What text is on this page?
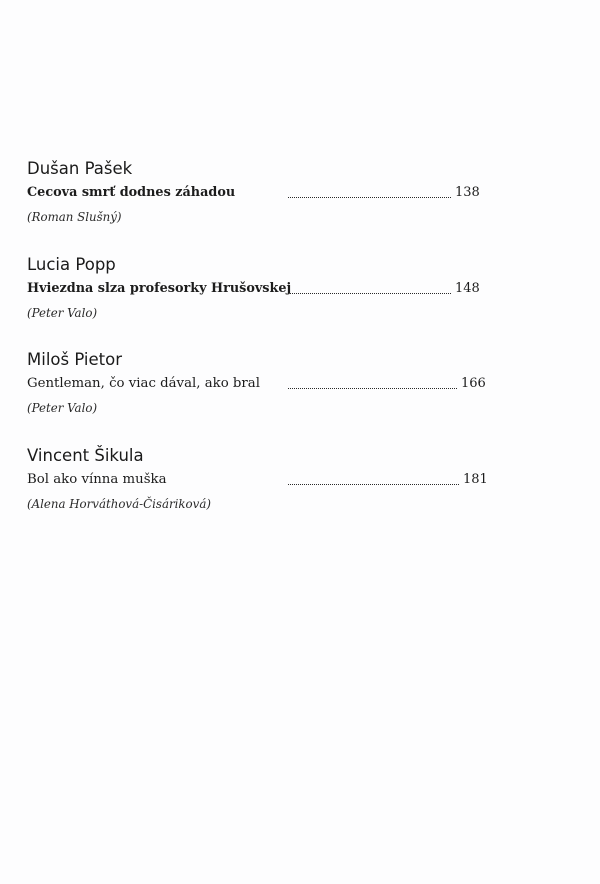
Dušan Pašek
Cecova smrť dodnes záhadou	138
(Roman Slušný)
Lucia Popp
Hviezdna slza profesorky Hrušovskej	148
(Peter Valo)
Miloš Pietor
Gentleman, čo viac dával, ako bral	166
(Peter Valo)
Vincent Šikula
Bol ako vínna muška	181
(Alena Horváthová-Čisáriková)
